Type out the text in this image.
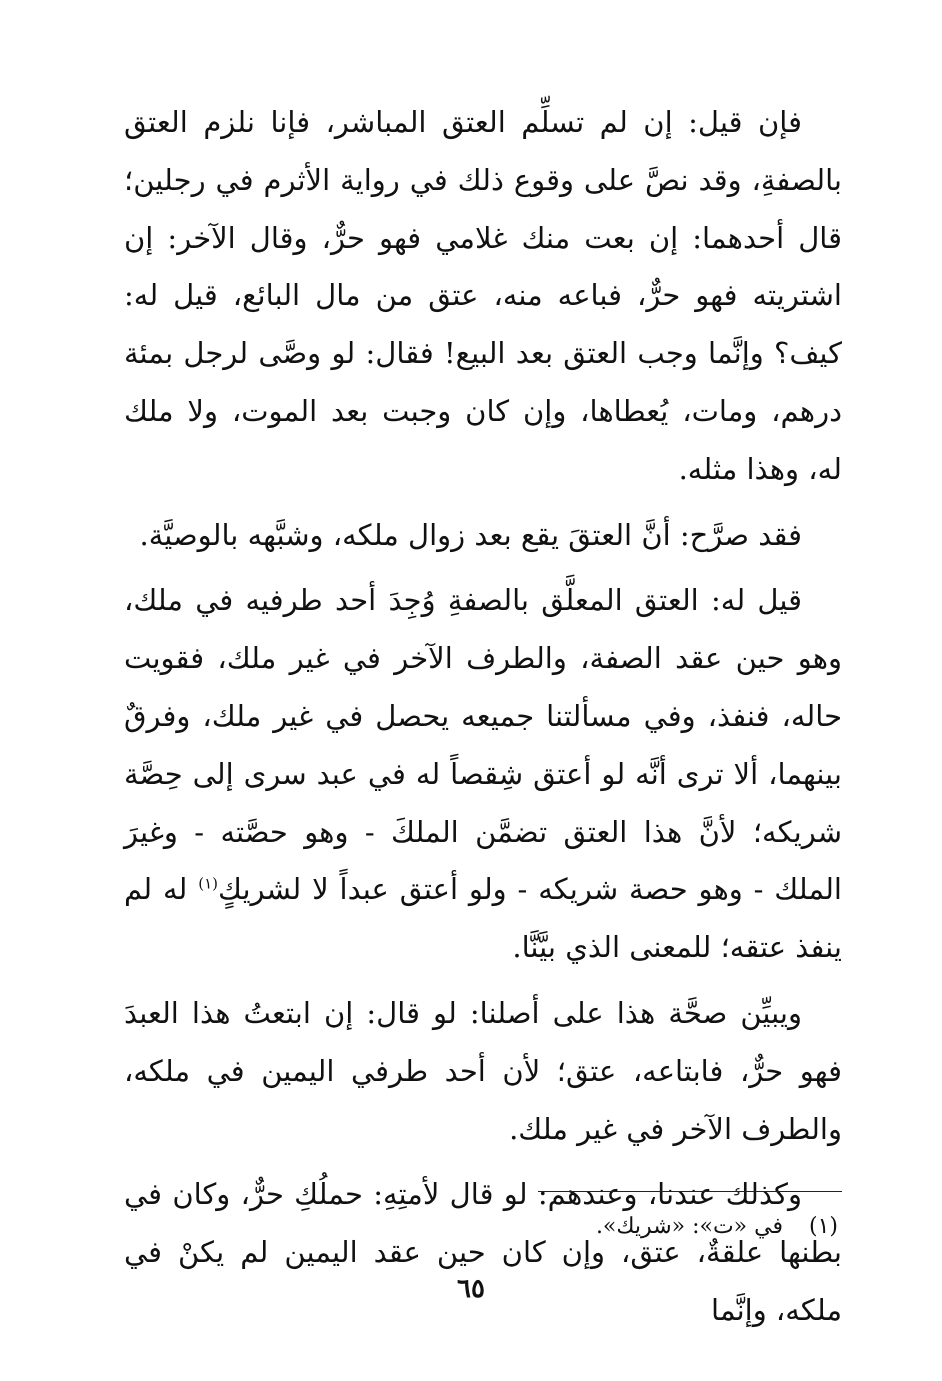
فإن قيل: إن لم تسلِّم العتق المباشر، فإنا نلزم العتق بالصفةِ، وقد نصَّ على وقوع ذلك في رواية الأثرم في رجلين؛ قال أحدهما: إن بعت منك غلامي فهو حرٌّ، وقال الآخر: إن اشتريته فهو حرٌّ، فباعه منه، عتق من مال البائع، قيل له: كيف؟ وإنَّما وجب العتق بعد البيع! فقال: لو وصَّى لرجل بمئة درهم، ومات، يُعطاها، وإن كان وجبت بعد الموت، ولا ملك له، وهذا مثله.

فقد صرَّح: أنَّ العتقَ يقع بعد زوال ملكه، وشبَّهه بالوصيَّة.

قيل له: العتق المعلَّق بالصفةِ وُجِدَ أحد طرفيه في ملك، وهو حين عقد الصفة، والطرف الآخر في غير ملك، فقويت حاله، فنفذ، وفي مسألتنا جميعه يحصل في غير ملك، وفرقٌ بينهما، ألا ترى أنَّه لو أعتق شِقصاً له في عبد سرى إلى حِصَّة شريكه؛ لأنَّ هذا العتق تضمَّن الملكَ - وهو حصَّته - وغيرَ الملك - وهو حصة شريكه - ولو أعتق عبداً لا لشريكٍ$^{(١)}$ له لم ينفذ عتقه؛ للمعنى الذي بيَّنَّا.

ويبيِّن صحَّة هذا على أصلنا: لو قال: إن ابتعتُ هذا العبدَ فهو حرٌّ، فابتاعه، عتق؛ لأن أحد طرفي اليمين في ملكه، والطرف الآخر في غير ملك.

وكذلك عندنا، وعندهم: لو قال لأمتِهِ: حملُكِ حرٌّ، وكان في بطنها علقةٌ، عتق، وإن كان حين عقد اليمين لم يكنْ في ملكه، وإنَّما

(١)في «ت»: «شريك».
٦٥
